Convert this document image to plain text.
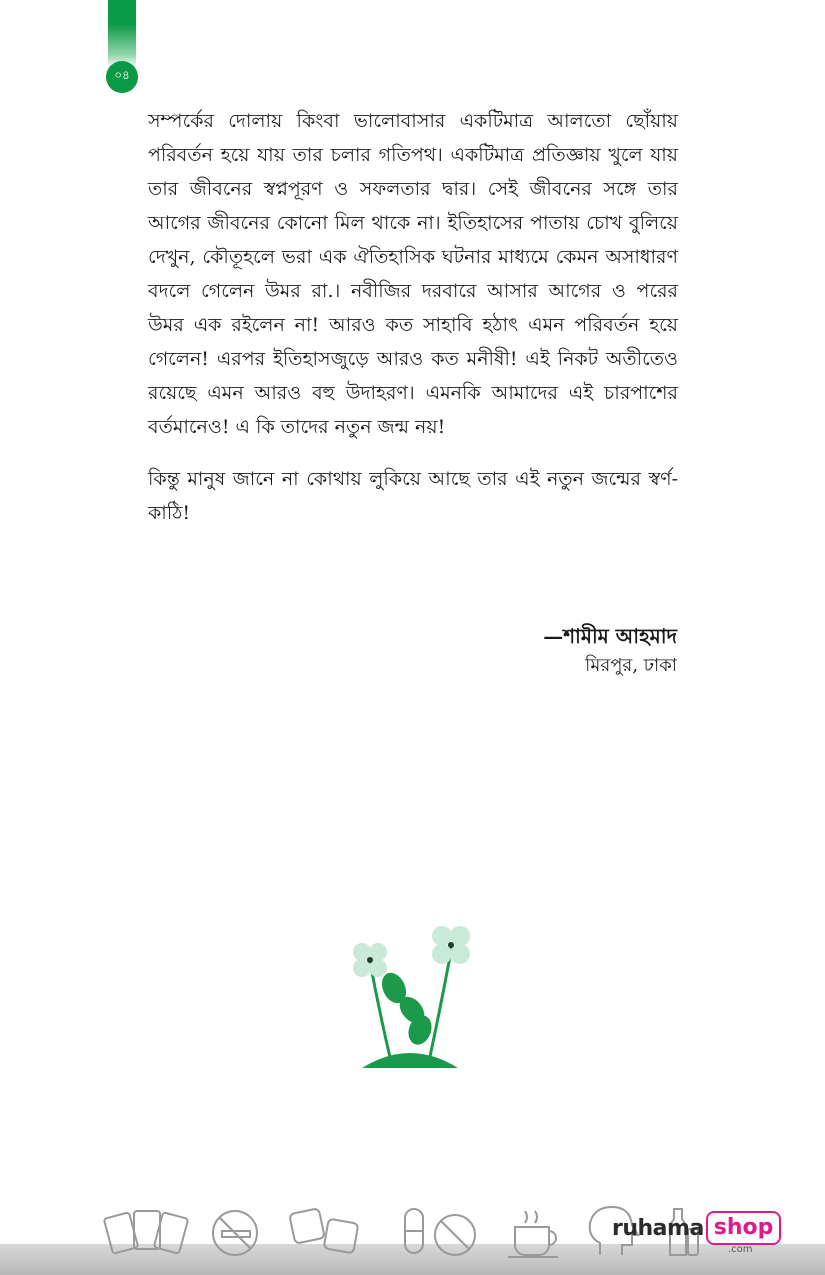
০৪

সম্পর্কের দোলায় কিংবা ভালোবাসার একটিমাত্র আলতো ছোঁয়ায় পরিবর্তন হয়ে যায় তার চলার গতিপথ। একটিমাত্র প্রতিজ্ঞায় খুলে যায় তার জীবনের স্বপ্নপূরণ ও সফলতার দ্বার। সেই জীবনের সঙ্গে তার আগের জীবনের কোনো মিল থাকে না। ইতিহাসের পাতায় চোখ বুলিয়ে দেখুন, কৌতূহলে ভরা এক ঐতিহাসিক ঘটনার মাধ্যমে কেমন অসাধারণ বদলে গেলেন উমর রা.। নবীজির দরবারে আসার আগের ও পরের উমর এক রইলেন না! আরও কত সাহাবি হঠাৎ এমন পরিবর্তন হয়ে গেলেন! এরপর ইতিহাসজুড়ে আরও কত মনীষী! এই নিকট অতীতেও রয়েছে এমন আরও বহু উদাহরণ। এমনকি আমাদের এই চারপাশের বর্তমানেও! এ কি তাদের নতুন জন্ম নয়!

কিন্তু মানুষ জানে না কোথায় লুকিয়ে আছে তার এই নতুন জন্মের স্বর্ণ-কাঠি!

—শামীম আহমাদ
মিরপুর, ঢাকা
ruhama shop
.com
